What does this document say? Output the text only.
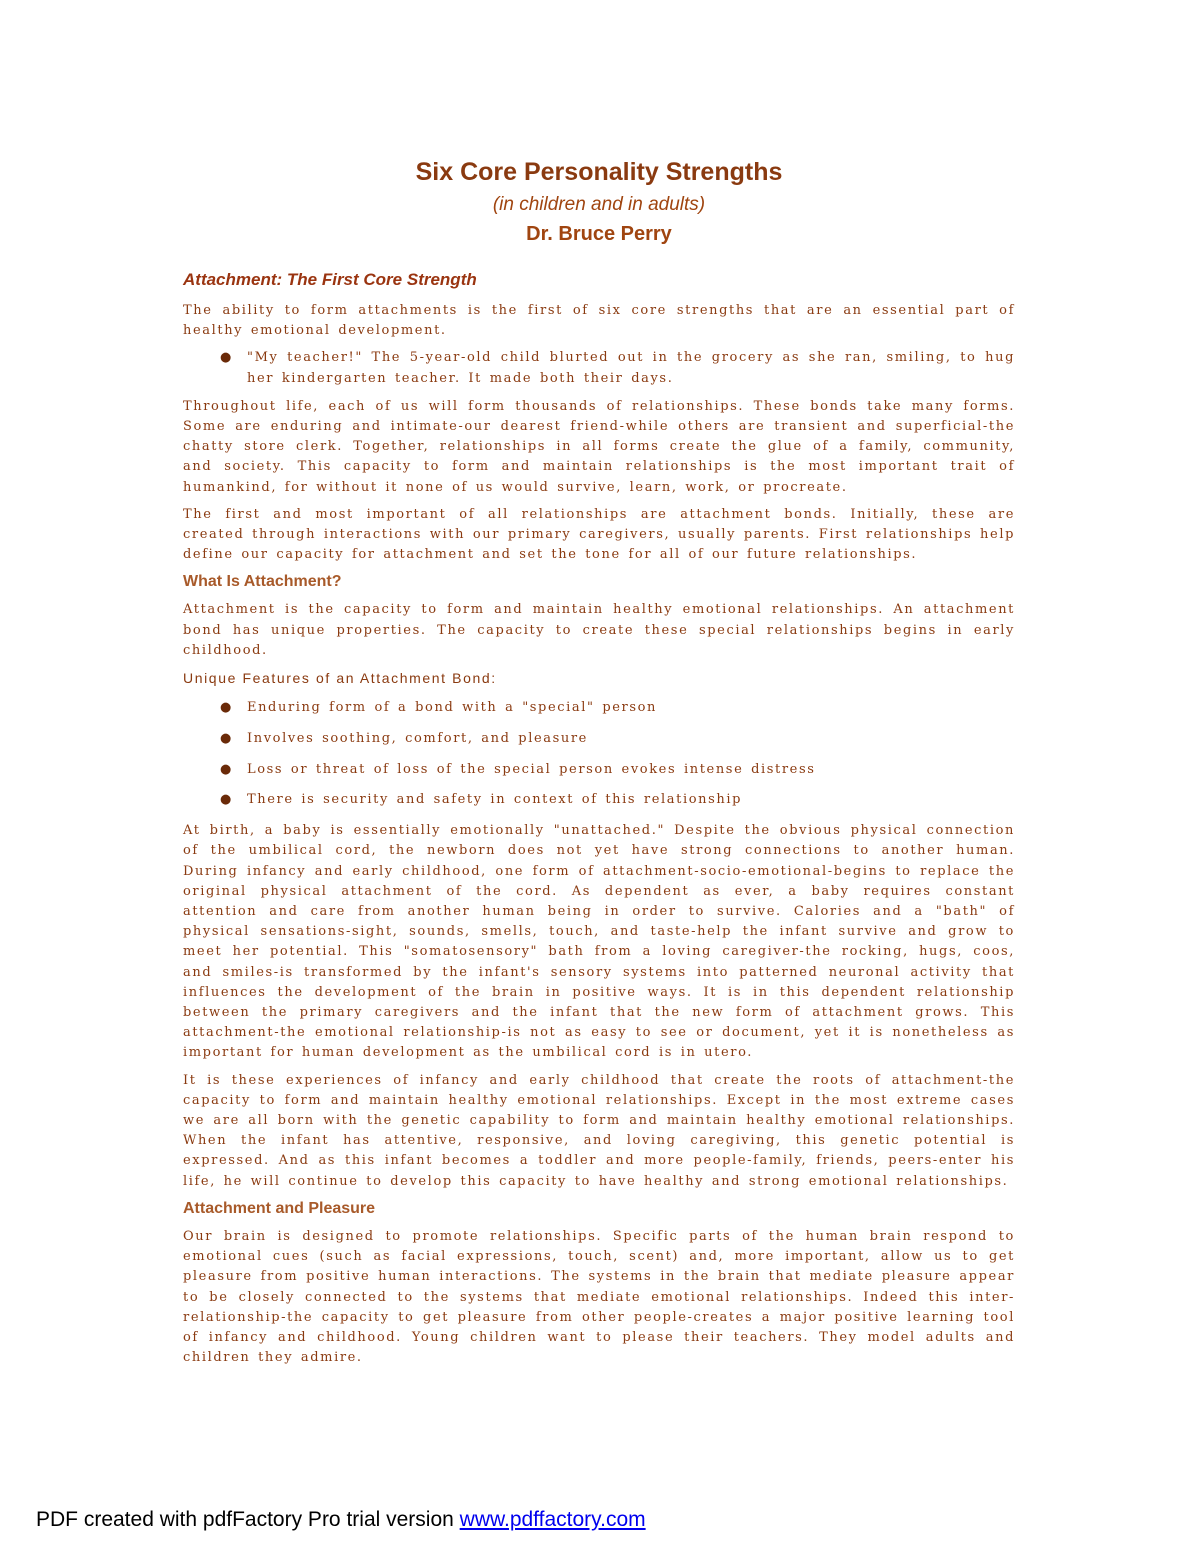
Six Core Personality Strengths
(in children and in adults)
Dr. Bruce Perry
Attachment: The First Core Strength

The ability to form attachments is the first of six core strengths that are an essential part of healthy emotional development.

● "My teacher!" The 5-year-old child blurted out in the grocery as she ran, smiling, to hug her kindergarten teacher. It made both their days.

Throughout life, each of us will form thousands of relationships. These bonds take many forms. Some are enduring and intimate-our dearest friend-while others are transient and superficial-the chatty store clerk. Together, relationships in all forms create the glue of a family, community, and society. This capacity to form and maintain relationships is the most important trait of humankind, for without it none of us would survive, learn, work, or procreate.

The first and most important of all relationships are attachment bonds. Initially, these are created through interactions with our primary caregivers, usually parents. First relationships help define our capacity for attachment and set the tone for all of our future relationships.

What Is Attachment?

Attachment is the capacity to form and maintain healthy emotional relationships. An attachment bond has unique properties. The capacity to create these special relationships begins in early childhood.

Unique Features of an Attachment Bond:
● Enduring form of a bond with a "special" person
● Involves soothing, comfort, and pleasure
● Loss or threat of loss of the special person evokes intense distress
● There is security and safety in context of this relationship

At birth, a baby is essentially emotionally "unattached." Despite the obvious physical connection of the umbilical cord, the newborn does not yet have strong connections to another human. During infancy and early childhood, one form of attachment-socio-emotional-begins to replace the original physical attachment of the cord. As dependent as ever, a baby requires constant attention and care from another human being in order to survive. Calories and a "bath" of physical sensations-sight, sounds, smells, touch, and taste-help the infant survive and grow to meet her potential. This "somatosensory" bath from a loving caregiver-the rocking, hugs, coos, and smiles-is transformed by the infant's sensory systems into patterned neuronal activity that influences the development of the brain in positive ways. It is in this dependent relationship between the primary caregivers and the infant that the new form of attachment grows. This attachment-the emotional relationship-is not as easy to see or document, yet it is nonetheless as important for human development as the umbilical cord is in utero.

It is these experiences of infancy and early childhood that create the roots of attachment-the capacity to form and maintain healthy emotional relationships. Except in the most extreme cases we are all born with the genetic capability to form and maintain healthy emotional relationships. When the infant has attentive, responsive, and loving caregiving, this genetic potential is expressed. And as this infant becomes a toddler and more people-family, friends, peers-enter his life, he will continue to develop this capacity to have healthy and strong emotional relationships.

Attachment and Pleasure

Our brain is designed to promote relationships. Specific parts of the human brain respond to emotional cues (such as facial expressions, touch, scent) and, more important, allow us to get pleasure from positive human interactions. The systems in the brain that mediate pleasure appear to be closely connected to the systems that mediate emotional relationships. Indeed this inter-relationship-the capacity to get pleasure from other people-creates a major positive learning tool of infancy and childhood. Young children want to please their teachers. They model adults and children they admire.

PDF created with pdfFactory Pro trial version www.pdffactory.com
